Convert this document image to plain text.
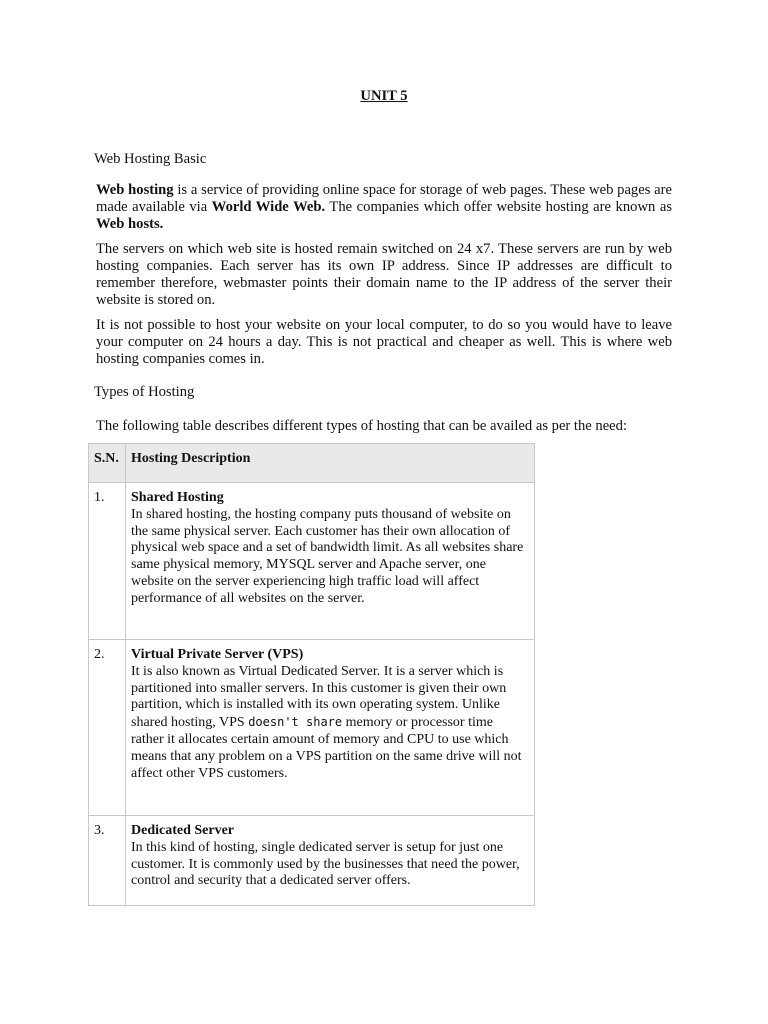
UNIT 5
Web Hosting Basic

Web hosting is a service of providing online space for storage of web pages. These web pages are made available via World Wide Web. The companies which offer website hosting are known as Web hosts.

The servers on which web site is hosted remain switched on 24 x7. These servers are run by web hosting companies. Each server has its own IP address. Since IP addresses are difficult to remember therefore, webmaster points their domain name to the IP address of the server their website is stored on.

It is not possible to host your website on your local computer, to do so you would have to leave your computer on 24 hours a day. This is not practical and cheaper as well. This is where web hosting companies comes in.

Types of Hosting

The following table describes different types of hosting that can be availed as per the need:

S.N.	Hosting Description

1.	Shared Hosting
In shared hosting, the hosting company puts thousand of website on the same physical server. Each customer has their own allocation of physical web space and a set of bandwidth limit. As all websites share same physical memory, MYSQL server and Apache server, one website on the server experiencing high traffic load will affect performance of all websites on the server.

2.	Virtual Private Server (VPS)
It is also known as Virtual Dedicated Server. It is a server which is partitioned into smaller servers. In this customer is given their own partition, which is installed with its own operating system. Unlike shared hosting, VPS doesn't share memory or processor time rather it allocates certain amount of memory and CPU to use which means that any problem on a VPS partition on the same drive will not affect other VPS customers.

3.	Dedicated Server
In this kind of hosting, single dedicated server is setup for just one customer. It is commonly used by the businesses that need the power, control and security that a dedicated server offers.
